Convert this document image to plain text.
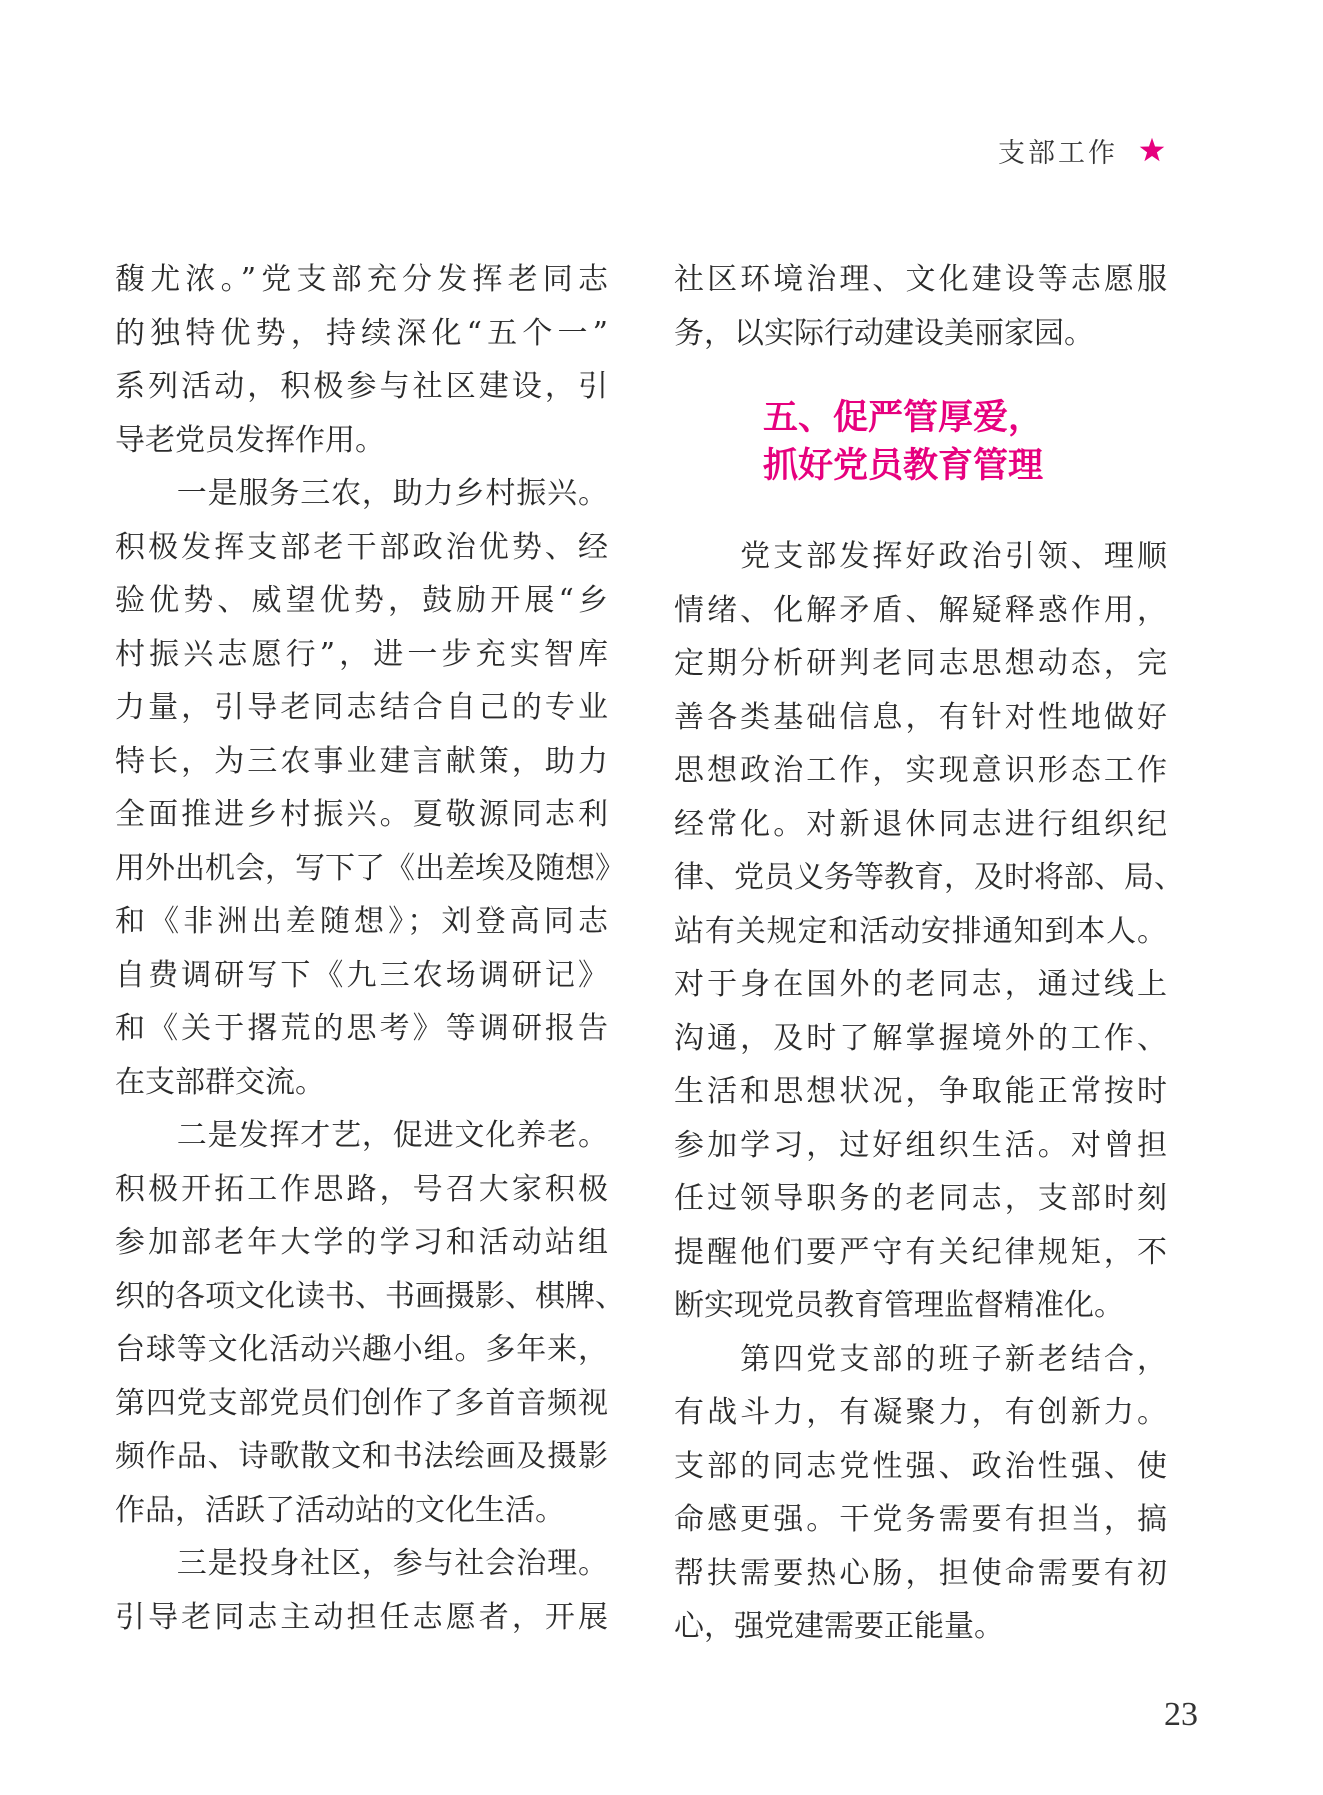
支部工作
馥尤浓。”党支部充分发挥老同志
的独特优势，持续深化“五个一”
系列活动，积极参与社区建设，引
导老党员发挥作用。
　　一是服务三农，助力乡村振兴。
积极发挥支部老干部政治优势、经
验优势、威望优势，鼓励开展“乡
村振兴志愿行”，进一步充实智库
力量，引导老同志结合自己的专业
特长，为三农事业建言献策，助力
全面推进乡村振兴。夏敬源同志利
用外出机会，写下了《出差埃及随想》
和《非洲出差随想》；刘登高同志
自费调研写下《九三农场调研记》
和《关于撂荒的思考》等调研报告
在支部群交流。
　　二是发挥才艺，促进文化养老。
积极开拓工作思路，号召大家积极
参加部老年大学的学习和活动站组
织的各项文化读书、书画摄影、棋牌、
台球等文化活动兴趣小组。多年来，
第四党支部党员们创作了多首音频视
频作品、诗歌散文和书法绘画及摄影
作品，活跃了活动站的文化生活。
　　三是投身社区，参与社会治理。
引导老同志主动担任志愿者，开展
社区环境治理、文化建设等志愿服
务，以实际行动建设美丽家园。
五、促严管厚爱，
抓好党员教育管理
　　党支部发挥好政治引领、理顺
情绪、化解矛盾、解疑释惑作用，
定期分析研判老同志思想动态，完
善各类基础信息，有针对性地做好
思想政治工作，实现意识形态工作
经常化。对新退休同志进行组织纪
律、党员义务等教育，及时将部、局、
站有关规定和活动安排通知到本人。
对于身在国外的老同志，通过线上
沟通，及时了解掌握境外的工作、
生活和思想状况，争取能正常按时
参加学习，过好组织生活。对曾担
任过领导职务的老同志，支部时刻
提醒他们要严守有关纪律规矩，不
断实现党员教育管理监督精准化。
　　第四党支部的班子新老结合，
有战斗力，有凝聚力，有创新力。
支部的同志党性强、政治性强、使
命感更强。干党务需要有担当，搞
帮扶需要热心肠，担使命需要有初
心，强党建需要正能量。
23
